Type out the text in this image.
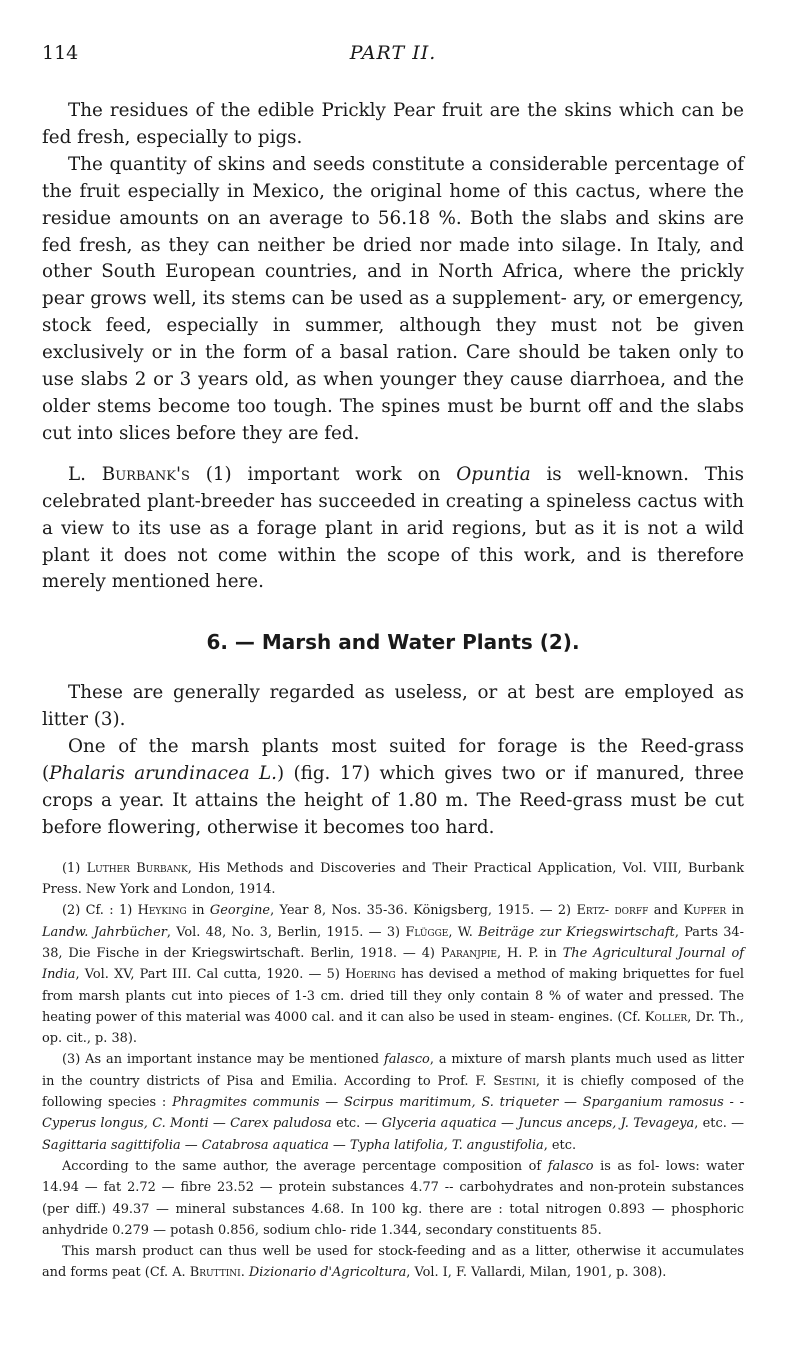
114	PART II.

The residues of the edible Prickly Pear fruit are the skins which can be fed fresh, especially to pigs.

The quantity of skins and seeds constitute a considerable percentage of the fruit especially in Mexico, the original home of this cactus, where the residue amounts on an average to 56.18 %. Both the slabs and skins are fed fresh, as they can neither be dried nor made into silage. In Italy, and other South European countries, and in North Africa, where the prickly pear grows well, its stems can be used as a supplement- ary, or emergency, stock feed, especially in summer, although they must not be given exclusively or in the form of a basal ration. Care should be taken only to use slabs 2 or 3 years old, as when younger they cause diarrhoea, and the older stems become too tough. The spines must be burnt off and the slabs cut into slices before they are fed.

L. Burbank's (1) important work on Opuntia is well-known. This celebrated plant-breeder has succeeded in creating a spineless cactus with a view to its use as a forage plant in arid regions, but as it is not a wild plant it does not come within the scope of this work, and is therefore merely mentioned here.

6. — Marsh and Water Plants (2).

These are generally regarded as useless, or at best are employed as litter (3).

One of the marsh plants most suited for forage is the Reed-grass (Phalaris arundinacea L.) (fig. 17) which gives two or if manured, three crops a year. It attains the height of 1.80 m. The Reed-grass must be cut before flowering, otherwise it becomes too hard.

(1) Luther Burbank, His Methods and Discoveries and Their Practical Application, Vol. VIII, Burbank Press. New York and London, 1914.

(2) Cf. : 1) Heyking in Georgine, Year 8, Nos. 35-36. Königsberg, 1915. — 2) Ertz- dorff and Kupfer in Landw. Jahrbücher, Vol. 48, No. 3, Berlin, 1915. — 3) Flügge, W. Beiträge zur Kriegswirtschaft, Parts 34-38, Die Fische in der Kriegswirtschaft. Berlin, 1918. — 4) Paranjpie, H. P. in The Agricultural Journal of India, Vol. XV, Part III. Cal cutta, 1920. — 5) Hoering has devised a method of making briquettes for fuel from marsh plants cut into pieces of 1-3 cm. dried till they only contain 8 % of water and pressed. The heating power of this material was 4000 cal. and it can also be used in steam- engines. (Cf. Koller, Dr. Th., op. cit., p. 38).

(3) As an important instance may be mentioned falasco, a mixture of marsh plants much used as litter in the country districts of Pisa and Emilia. According to Prof. F. Sestini, it is chiefly composed of the following species : Phragmites communis — Scirpus maritimum, S. triqueter — Sparganium ramosus - - Cyperus longus, C. Monti — Carex paludosa etc. — Glyceria aquatica — Juncus anceps, J. Tevageya, etc. — Sagittaria sagittifolia — Catabrosa aquatica — Typha latifolia, T. angustifolia, etc.

According to the same author, the average percentage composition of falasco is as fol- lows: water 14.94 — fat 2.72 — fibre 23.52 — protein substances 4.77 -- carbohydrates and non-protein substances (per diff.) 49.37 — mineral substances 4.68. In 100 kg. there are : total nitrogen 0.893 — phosphoric anhydride 0.279 — potash 0.856, sodium chlo- ride 1.344, secondary constituents 85.

This marsh product can thus well be used for stock-feeding and as a litter, otherwise it accumulates and forms peat (Cf. A. Bruttini. Dizionario d'Agricoltura, Vol. I, F. Vallardi, Milan, 1901, p. 308).
